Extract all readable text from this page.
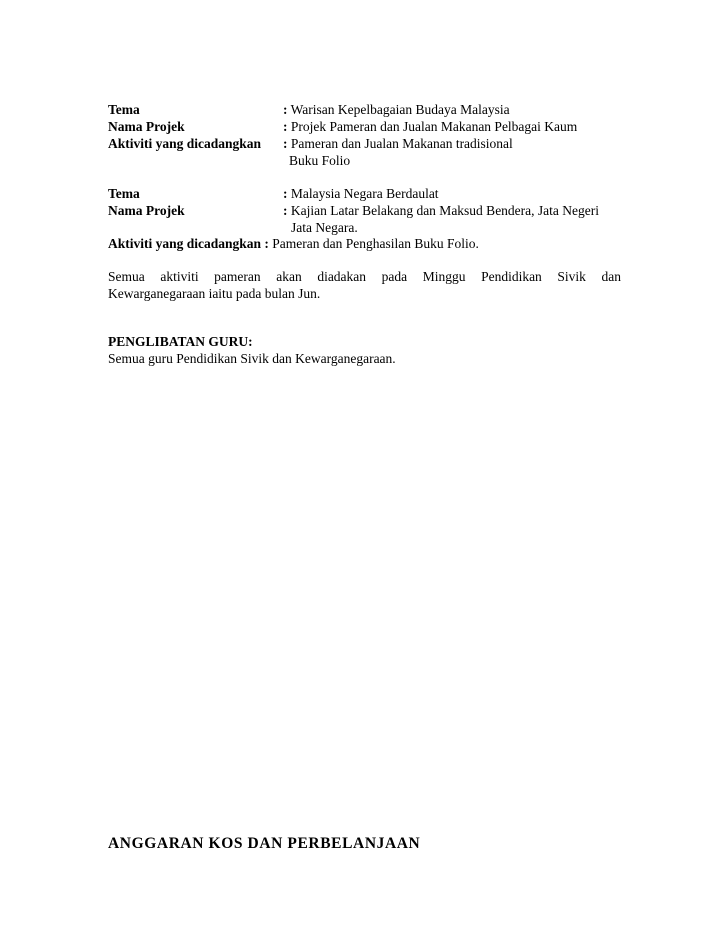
Tema	: Warisan Kepelbagaian Budaya Malaysia
Nama Projek	: Projek Pameran dan Jualan Makanan Pelbagai Kaum
Aktiviti yang dicadangkan : Pameran dan Jualan Makanan tradisional
Buku Folio
Tema	: Malaysia Negara Berdaulat
Nama Projek	: Kajian Latar Belakang dan Maksud Bendera, Jata Negeri
Jata Negara.
Aktiviti yang dicadangkan : Pameran dan Penghasilan Buku Folio.
Semua aktiviti pameran akan diadakan pada Minggu Pendidikan Sivik dan
Kewarganegaraan iaitu pada bulan Jun.
PENGLIBATAN GURU:
Semua guru Pendidikan Sivik dan Kewarganegaraan.
ANGGARAN KOS DAN PERBELANJAAN
